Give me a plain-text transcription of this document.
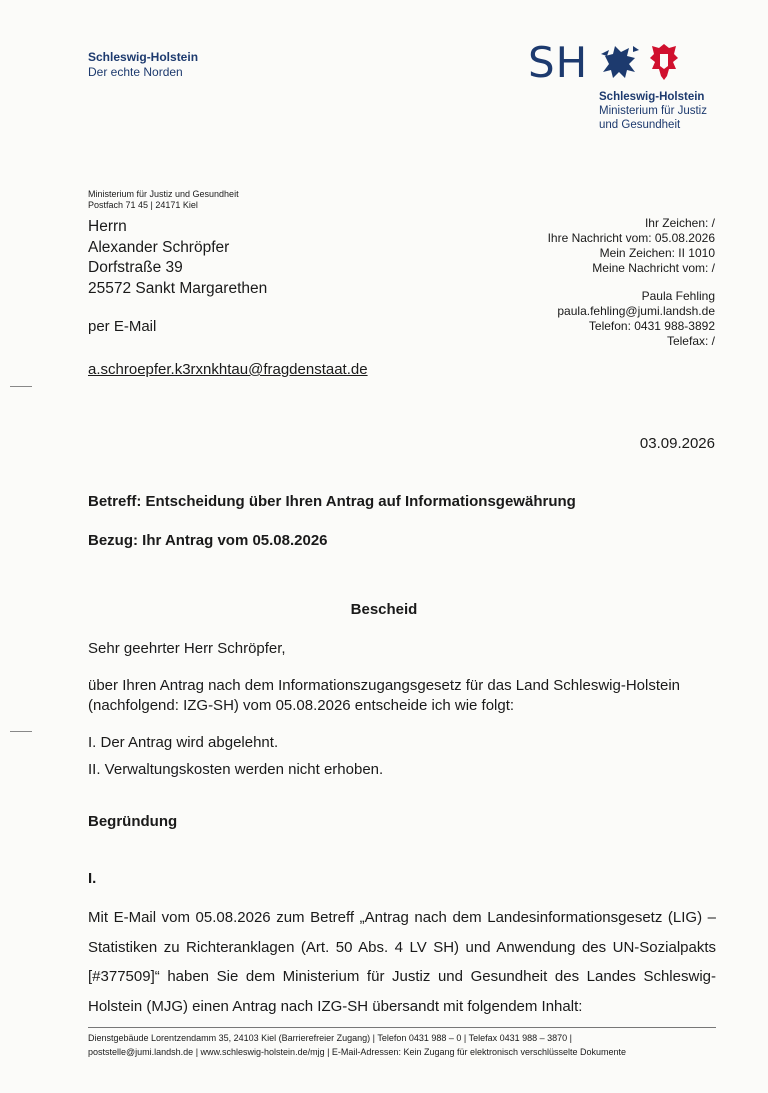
Schleswig-Holstein
Der echte Norden	SH
Schleswig-Holstein
Ministerium für Justiz
und Gesundheit
Ministerium für Justiz und Gesundheit
Postfach 71 45 | 24171 Kiel
Herrn
Alexander Schröpfer
Dorfstraße 39
25572 Sankt Margarethen
per E-Mail
a.schroepfer.k3rxnkhtau@fragdenstaat.de
Ihr Zeichen: /
Ihre Nachricht vom: 05.08.2026
Mein Zeichen: II 1010
Meine Nachricht vom: /
Paula Fehling
paula.fehling@jumi.landsh.de
Telefon: 0431 988-3892
Telefax: /
03.09.2026
Betreff: Entscheidung über Ihren Antrag auf Informationsgewährung
Bezug: Ihr Antrag vom 05.08.2026
Bescheid
Sehr geehrter Herr Schröpfer,
über Ihren Antrag nach dem Informationszugangsgesetz für das Land Schleswig-Holstein (nachfolgend: IZG-SH) vom 05.08.2026 entscheide ich wie folgt:
I. Der Antrag wird abgelehnt.
II. Verwaltungskosten werden nicht erhoben.
Begründung
I.
Mit E-Mail vom 05.08.2026 zum Betreff „Antrag nach dem Landesinformationsgesetz (LIG) – Statistiken zu Richteranklagen (Art. 50 Abs. 4 LV SH) und Anwendung des UN-Sozialpakts [#377509]“ haben Sie dem Ministerium für Justiz und Gesundheit des Landes Schleswig-Holstein (MJG) einen Antrag nach IZG-SH übersandt mit folgendem Inhalt:
Dienstgebäude Lorentzendamm 35, 24103 Kiel (Barrierefreier Zugang) | Telefon 0431 988 – 0 | Telefax 0431 988 – 3870 |
poststelle@jumi.landsh.de | www.schleswig-holstein.de/mjg | E-Mail-Adressen: Kein Zugang für elektronisch verschlüsselte Dokumente
